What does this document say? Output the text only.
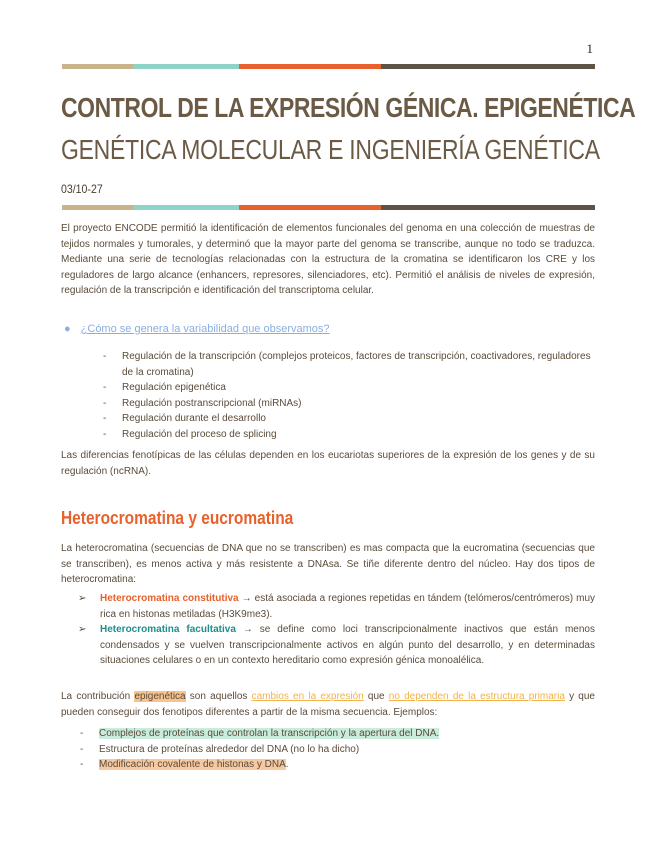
1
CONTROL DE LA EXPRESIÓN GÉNICA. EPIGENÉTICA
GENÉTICA MOLECULAR E INGENIERÍA GENÉTICA
03/10-27

El proyecto ENCODE permitió la identificación de elementos funcionales del genoma en una colección de muestras de tejidos normales y tumorales, y determinó que la mayor parte del genoma se transcribe, aunque no todo se traduzca. Mediante una serie de tecnologías relacionadas con la estructura de la cromatina se identificaron los CRE y los reguladores de largo alcance (enhancers, represores, silenciadores, etc). Permitió el análisis de niveles de expresión, regulación de la transcripción e identificación del transcriptoma celular.

● ¿Cómo se genera la variabilidad que observamos?
- Regulación de la transcripción (complejos proteicos, factores de transcripción, coactivadores, reguladores de la cromatina)
- Regulación epigenética
- Regulación postranscripcional (miRNAs)
- Regulación durante el desarrollo
- Regulación del proceso de splicing

Las diferencias fenotípicas de las células dependen en los eucariotas superiores de la expresión de los genes y de su regulación (ncRNA).

Heterocromatina y eucromatina

La heterocromatina (secuencias de DNA que no se transcriben) es mas compacta que la eucromatina (secuencias que se transcriben), es menos activa y más resistente a DNAsa. Se tiñe diferente dentro del núcleo. Hay dos tipos de heterocromatina:

➢ Heterocromatina constitutiva → está asociada a regiones repetidas en tándem (telómeros/centrómeros) muy rica en histonas metiladas (H3K9me3).
➢ Heterocromatina facultativa → se define como loci transcripcionalmente inactivos que están menos condensados y se vuelven transcripcionalmente activos en algún punto del desarrollo, y en determinadas situaciones celulares o en un contexto hereditario como expresión génica monoalélica.

La contribución epigenética son aquellos cambios en la expresión que no dependen de la estructura primaria y que pueden conseguir dos fenotipos diferentes a partir de la misma secuencia. Ejemplos:

- Complejos de proteínas que controlan la transcripción y la apertura del DNA.
- Estructura de proteínas alrededor del DNA (no lo ha dicho)
- Modificación covalente de histonas y DNA.
